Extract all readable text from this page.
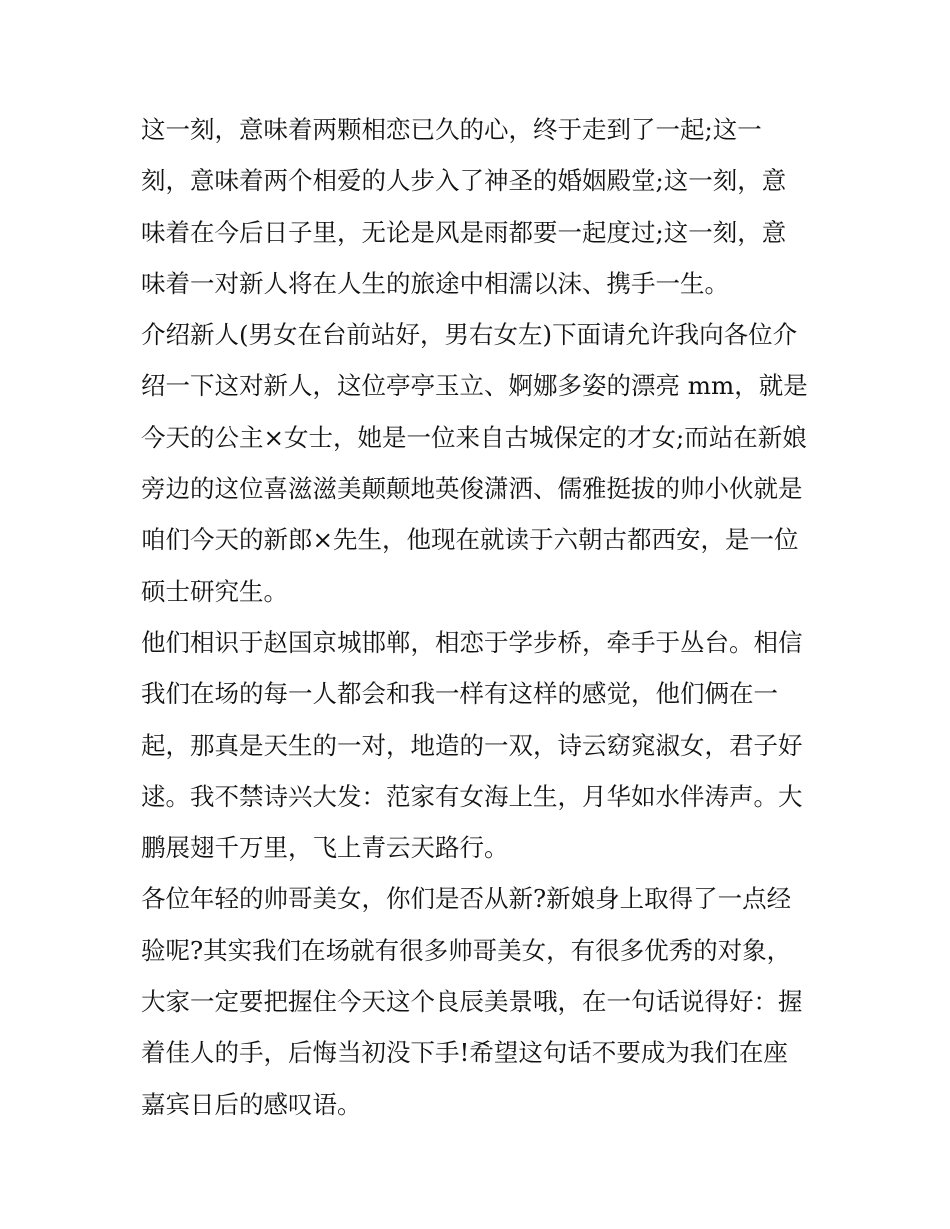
这一刻，意味着两颗相恋已久的心，终于走到了一起;这一
刻，意味着两个相爱的人步入了神圣的婚姻殿堂;这一刻，意
味着在今后日子里，无论是风是雨都要一起度过;这一刻，意
味着一对新人将在人生的旅途中相濡以沫、携手一生。
介绍新人(男女在台前站好，男右女左)下面请允许我向各位介
绍一下这对新人，这位亭亭玉立、婀娜多姿的漂亮 mm，就是
今天的公主×女士，她是一位来自古城保定的才女;而站在新娘
旁边的这位喜滋滋美颠颠地英俊潇洒、儒雅挺拔的帅小伙就是
咱们今天的新郎×先生，他现在就读于六朝古都西安，是一位
硕士研究生。
他们相识于赵国京城邯郸，相恋于学步桥，牵手于丛台。相信
我们在场的每一人都会和我一样有这样的感觉，他们俩在一
起，那真是天生的一对，地造的一双，诗云窈窕淑女，君子好
逑。我不禁诗兴大发：范家有女海上生，月华如水伴涛声。大
鹏展翅千万里，飞上青云天路行。
各位年轻的帅哥美女，你们是否从新?新娘身上取得了一点经
验呢?其实我们在场就有很多帅哥美女，有很多优秀的对象，
大家一定要把握住今天这个良辰美景哦，在一句话说得好：握
着佳人的手，后悔当初没下手!希望这句话不要成为我们在座
嘉宾日后的感叹语。
